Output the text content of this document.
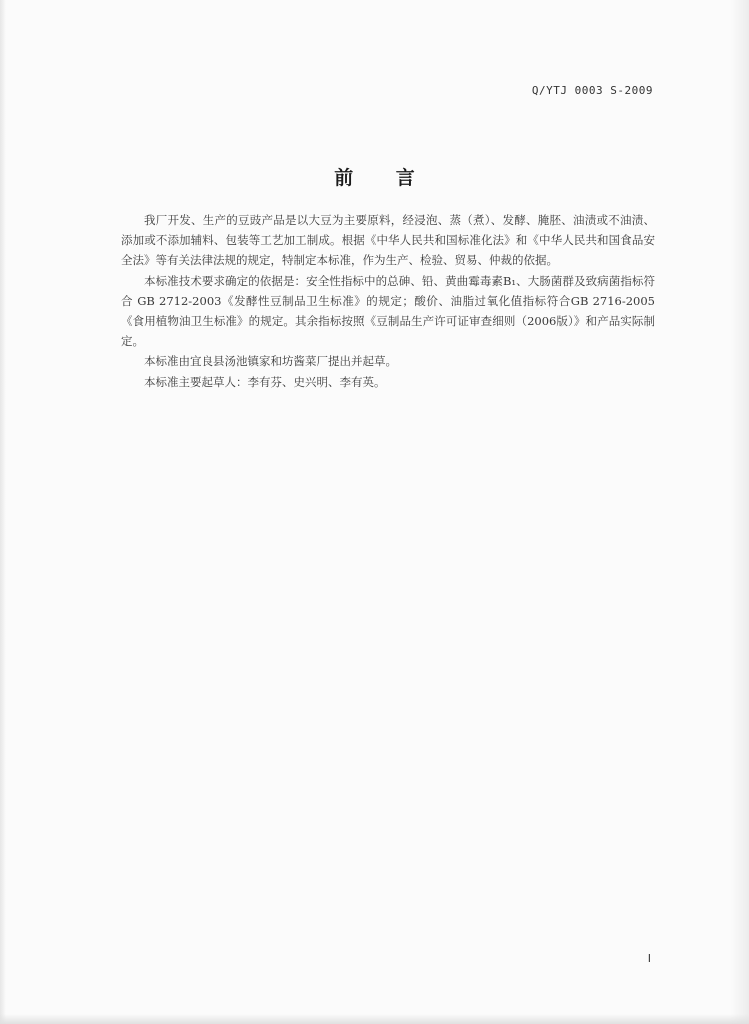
Q/YTJ 0003 S-2009
前 言

我厂开发、生产的豆豉产品是以大豆为主要原料，经浸泡、蒸（煮）、发酵、腌胚、油渍或不油渍、添加或不添加辅料、包装等工艺加工制成。根据《中华人民共和国标准化法》和《中华人民共和国食品安全法》等有关法律法规的规定，特制定本标准，作为生产、检验、贸易、仲裁的依据。

本标准技术要求确定的依据是：安全性指标中的总砷、铅、黄曲霉毒素B₁、大肠菌群及致病菌指标符合 GB 2712-2003《发酵性豆制品卫生标准》的规定；酸价、油脂过氧化值指标符合GB 2716-2005《食用植物油卫生标准》的规定。其余指标按照《豆制品生产许可证审查细则（2006版）》和产品实际制定。

本标准由宜良县汤池镇家和坊酱菜厂提出并起草。

本标准主要起草人：李有芬、史兴明、李有英。

I
